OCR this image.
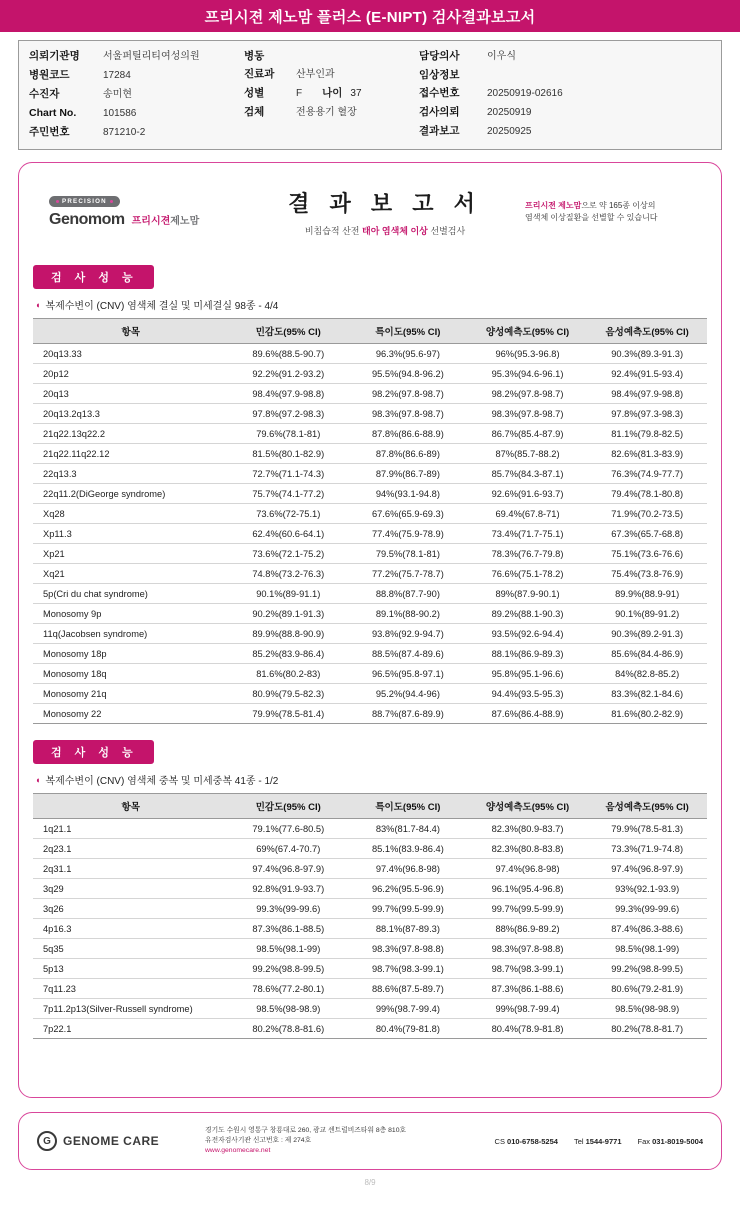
프리시젼 제노맘 플러스 (E-NIPT) 검사결과보고서
의뢰기관명	서울퍼틸리티여성의원
병원코드	17284
수진자	송미현
Chart No.	101586
주민번호	871210-2
병동
진료과	산부인과
성별	F 나이 37
검체	전용용기 혈장
담당의사	이우식
임상정보
접수번호	20250919-02616
검사의뢰	20250919
결과보고	20250925
PRECISION
Genomom 프리시젼제노맘
결 과 보 고 서
비침습적 산전 태아 염색체 이상 선별검사
프리시젼 제노맘으로 약 165종 이상의
염색체 이상질환을 선별할 수 있습니다
검 사 성 능
◖ 복제수변이 (CNV) 염색체 결실 및 미세결실 98종 - 4/4
항목	민감도(95% CI)	특이도(95% CI)	양성예측도(95% CI)	음성예측도(95% CI)
20q13.33	89.6%(88.5-90.7)	96.3%(95.6-97)	96%(95.3-96.8)	90.3%(89.3-91.3)
20p12	92.2%(91.2-93.2)	95.5%(94.8-96.2)	95.3%(94.6-96.1)	92.4%(91.5-93.4)
20q13	98.4%(97.9-98.8)	98.2%(97.8-98.7)	98.2%(97.8-98.7)	98.4%(97.9-98.8)
20q13.2q13.3	97.8%(97.2-98.3)	98.3%(97.8-98.7)	98.3%(97.8-98.7)	97.8%(97.3-98.3)
21q22.13q22.2	79.6%(78.1-81)	87.8%(86.6-88.9)	86.7%(85.4-87.9)	81.1%(79.8-82.5)
21q22.11q22.12	81.5%(80.1-82.9)	87.8%(86.6-89)	87%(85.7-88.2)	82.6%(81.3-83.9)
22q13.3	72.7%(71.1-74.3)	87.9%(86.7-89)	85.7%(84.3-87.1)	76.3%(74.9-77.7)
22q11.2(DiGeorge syndrome)	75.7%(74.1-77.2)	94%(93.1-94.8)	92.6%(91.6-93.7)	79.4%(78.1-80.8)
Xq28	73.6%(72-75.1)	67.6%(65.9-69.3)	69.4%(67.8-71)	71.9%(70.2-73.5)
Xp11.3	62.4%(60.6-64.1)	77.4%(75.9-78.9)	73.4%(71.7-75.1)	67.3%(65.7-68.8)
Xp21	73.6%(72.1-75.2)	79.5%(78.1-81)	78.3%(76.7-79.8)	75.1%(73.6-76.6)
Xq21	74.8%(73.2-76.3)	77.2%(75.7-78.7)	76.6%(75.1-78.2)	75.4%(73.8-76.9)
5p(Cri du chat syndrome)	90.1%(89-91.1)	88.8%(87.7-90)	89%(87.9-90.1)	89.9%(88.9-91)
Monosomy 9p	90.2%(89.1-91.3)	89.1%(88-90.2)	89.2%(88.1-90.3)	90.1%(89-91.2)
11q(Jacobsen syndrome)	89.9%(88.8-90.9)	93.8%(92.9-94.7)	93.5%(92.6-94.4)	90.3%(89.2-91.3)
Monosomy 18p	85.2%(83.9-86.4)	88.5%(87.4-89.6)	88.1%(86.9-89.3)	85.6%(84.4-86.9)
Monosomy 18q	81.6%(80.2-83)	96.5%(95.8-97.1)	95.8%(95.1-96.6)	84%(82.8-85.2)
Monosomy 21q	80.9%(79.5-82.3)	95.2%(94.4-96)	94.4%(93.5-95.3)	83.3%(82.1-84.6)
Monosomy 22	79.9%(78.5-81.4)	88.7%(87.6-89.9)	87.6%(86.4-88.9)	81.6%(80.2-82.9)
검 사 성 능
◖ 복제수변이 (CNV) 염색체 중복 및 미세중복 41종 - 1/2
항목	민감도(95% CI)	특이도(95% CI)	양성예측도(95% CI)	음성예측도(95% CI)
1q21.1	79.1%(77.6-80.5)	83%(81.7-84.4)	82.3%(80.9-83.7)	79.9%(78.5-81.3)
2q23.1	69%(67.4-70.7)	85.1%(83.9-86.4)	82.3%(80.8-83.8)	73.3%(71.9-74.8)
2q31.1	97.4%(96.8-97.9)	97.4%(96.8-98)	97.4%(96.8-98)	97.4%(96.8-97.9)
3q29	92.8%(91.9-93.7)	96.2%(95.5-96.9)	96.1%(95.4-96.8)	93%(92.1-93.9)
3q26	99.3%(99-99.6)	99.7%(99.5-99.9)	99.7%(99.5-99.9)	99.3%(99-99.6)
4p16.3	87.3%(86.1-88.5)	88.1%(87-89.3)	88%(86.9-89.2)	87.4%(86.3-88.6)
5q35	98.5%(98.1-99)	98.3%(97.8-98.8)	98.3%(97.8-98.8)	98.5%(98.1-99)
5p13	99.2%(98.8-99.5)	98.7%(98.3-99.1)	98.7%(98.3-99.1)	99.2%(98.8-99.5)
7q11.23	78.6%(77.2-80.1)	88.6%(87.5-89.7)	87.3%(86.1-88.6)	80.6%(79.2-81.9)
7p11.2p13(Silver-Russell syndrome)	98.5%(98-98.9)	99%(98.7-99.4)	99%(98.7-99.4)	98.5%(98-98.9)
7p22.1	80.2%(78.8-81.6)	80.4%(79-81.8)	80.4%(78.9-81.8)	80.2%(78.8-81.7)
G	GENOME CARE
경기도 수원시 영통구 창룡대로 260, 광교 센트럴비즈타워 8층 810호
유전자검사기관 신고번호 : 제 274호
www.genomecare.net
CS 010-6758-5254 Tel 1544-9771 Fax 031-8019-5004
8/9
